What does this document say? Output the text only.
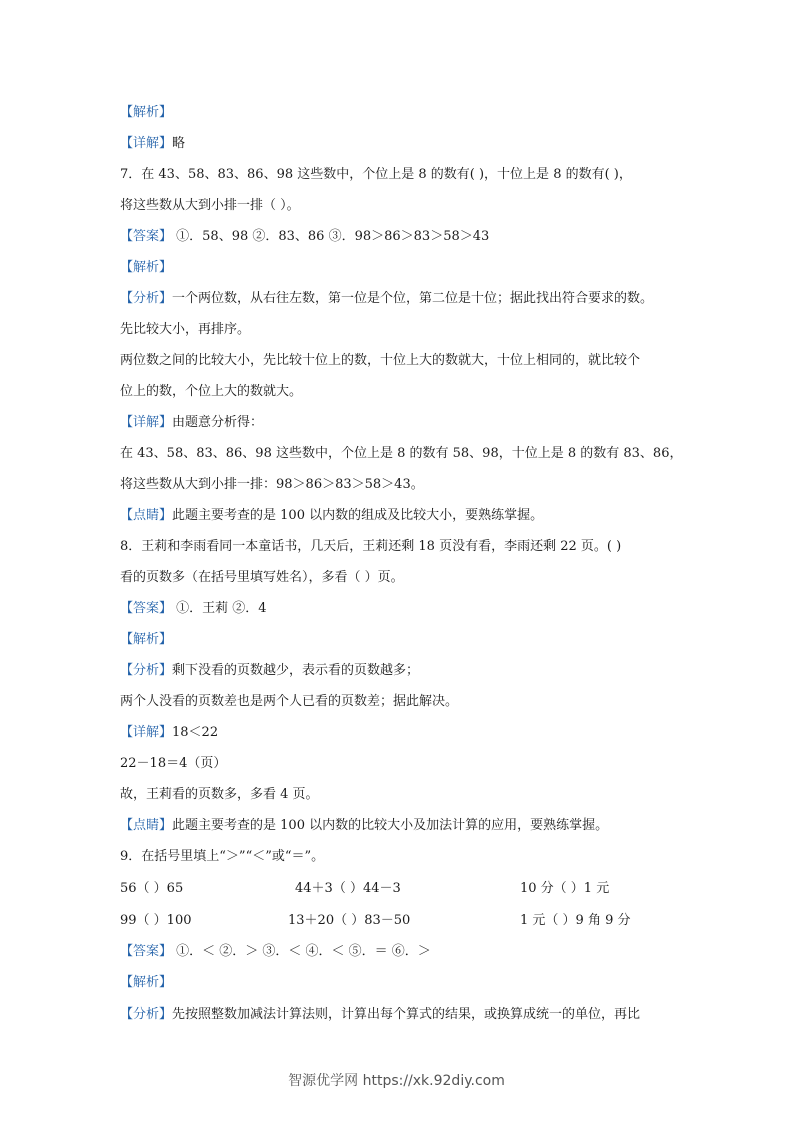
【解析】
【详解】略
7．在 43、58、83、86、98 这些数中，个位上是 8 的数有( )，十位上是 8 的数有( )，
将这些数从大到小排一排（ ）。
【答案】 ①．58、98 ②．83、86 ③．98＞86＞83＞58＞43
【解析】
【分析】一个两位数，从右往左数，第一位是个位，第二位是十位；据此找出符合要求的数。
先比较大小，再排序。
两位数之间的比较大小，先比较十位上的数，十位上大的数就大，十位上相同的，就比较个
位上的数，个位上大的数就大。
【详解】由题意分析得：
在 43、58、83、86、98 这些数中，个位上是 8 的数有 58、98，十位上是 8 的数有 83、86，
将这些数从大到小排一排：98＞86＞83＞58＞43。
【点睛】此题主要考查的是 100 以内数的组成及比较大小，要熟练掌握。
8．王莉和李雨看同一本童话书，几天后，王莉还剩 18 页没有看，李雨还剩 22 页。( )
看的页数多（在括号里填写姓名），多看（ ）页。
【答案】 ①．王莉 ②．4
【解析】
【分析】剩下没看的页数越少，表示看的页数越多；
两个人没看的页数差也是两个人已看的页数差；据此解决。
【详解】18＜22
22－18＝4（页）
故，王莉看的页数多，多看 4 页。
【点睛】此题主要考查的是 100 以内数的比较大小及加法计算的应用，要熟练掌握。
9．在括号里填上“＞”“＜”或“＝”。
56（ ）65	44＋3（ ）44－3	10 分（ ）1 元
99（ ）100	13＋20（ ）83－50	1 元（ ）9 角 9 分
【答案】 ①．＜ ②．＞ ③．＜ ④．＜ ⑤．＝ ⑥．＞
【解析】
【分析】先按照整数加减法计算法则，计算出每个算式的结果，或换算成统一的单位，再比
智源优学网 https://xk.92diy.com
